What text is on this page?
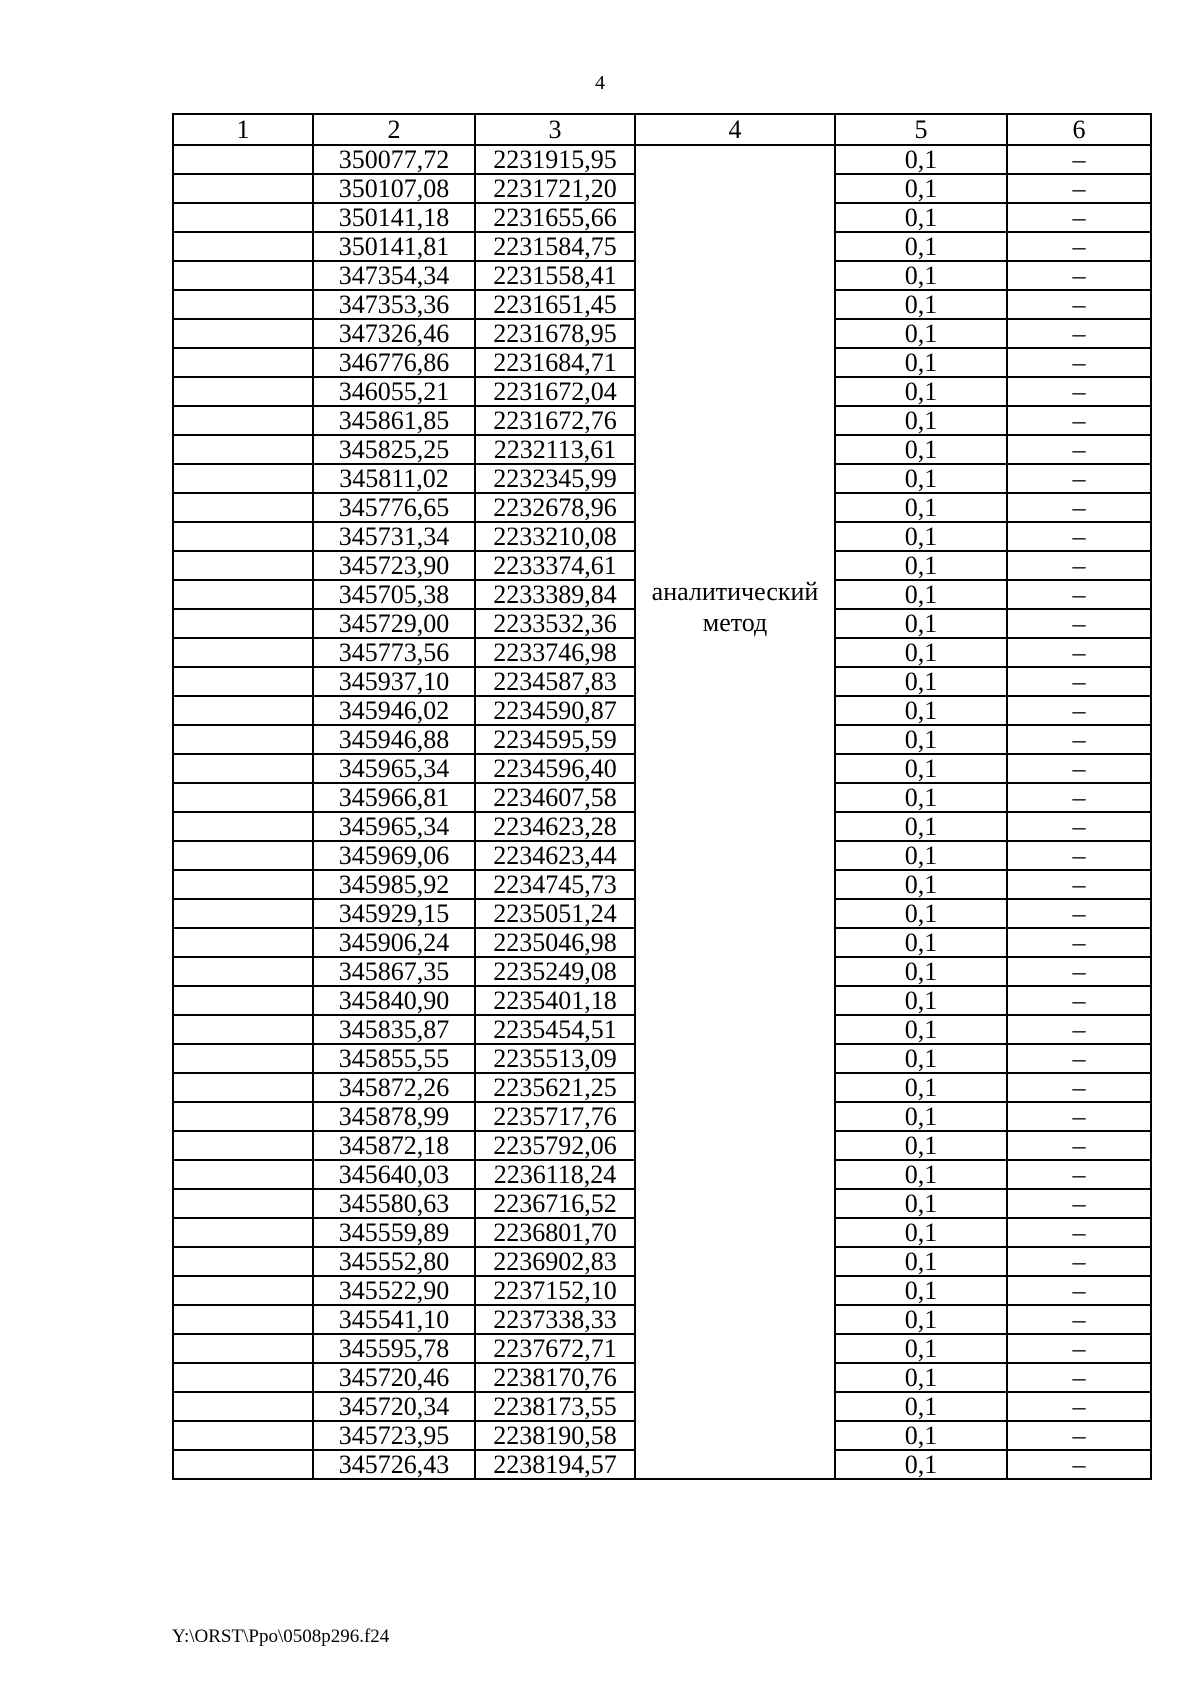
4
1	2	3	4	5	6
	350077,72	2231915,95	аналитический метод	0,1	–
	350107,08	2231721,20		0,1	–
	350141,18	2231655,66		0,1	–
	350141,81	2231584,75		0,1	–
	347354,34	2231558,41		0,1	–
	347353,36	2231651,45		0,1	–
	347326,46	2231678,95		0,1	–
	346776,86	2231684,71		0,1	–
	346055,21	2231672,04		0,1	–
	345861,85	2231672,76		0,1	–
	345825,25	2232113,61		0,1	–
	345811,02	2232345,99		0,1	–
	345776,65	2232678,96		0,1	–
	345731,34	2233210,08		0,1	–
	345723,90	2233374,61		0,1	–
	345705,38	2233389,84		0,1	–
	345729,00	2233532,36		0,1	–
	345773,56	2233746,98		0,1	–
	345937,10	2234587,83		0,1	–
	345946,02	2234590,87		0,1	–
	345946,88	2234595,59		0,1	–
	345965,34	2234596,40		0,1	–
	345966,81	2234607,58		0,1	–
	345965,34	2234623,28		0,1	–
	345969,06	2234623,44		0,1	–
	345985,92	2234745,73		0,1	–
	345929,15	2235051,24		0,1	–
	345906,24	2235046,98		0,1	–
	345867,35	2235249,08		0,1	–
	345840,90	2235401,18		0,1	–
	345835,87	2235454,51		0,1	–
	345855,55	2235513,09		0,1	–
	345872,26	2235621,25		0,1	–
	345878,99	2235717,76		0,1	–
	345872,18	2235792,06		0,1	–
	345640,03	2236118,24		0,1	–
	345580,63	2236716,52		0,1	–
	345559,89	2236801,70		0,1	–
	345552,80	2236902,83		0,1	–
	345522,90	2237152,10		0,1	–
	345541,10	2237338,33		0,1	–
	345595,78	2237672,71		0,1	–
	345720,46	2238170,76		0,1	–
	345720,34	2238173,55		0,1	–
	345723,95	2238190,58		0,1	–
	345726,43	2238194,57		0,1	–
Y:\ORST\Ppo\0508p296.f24
